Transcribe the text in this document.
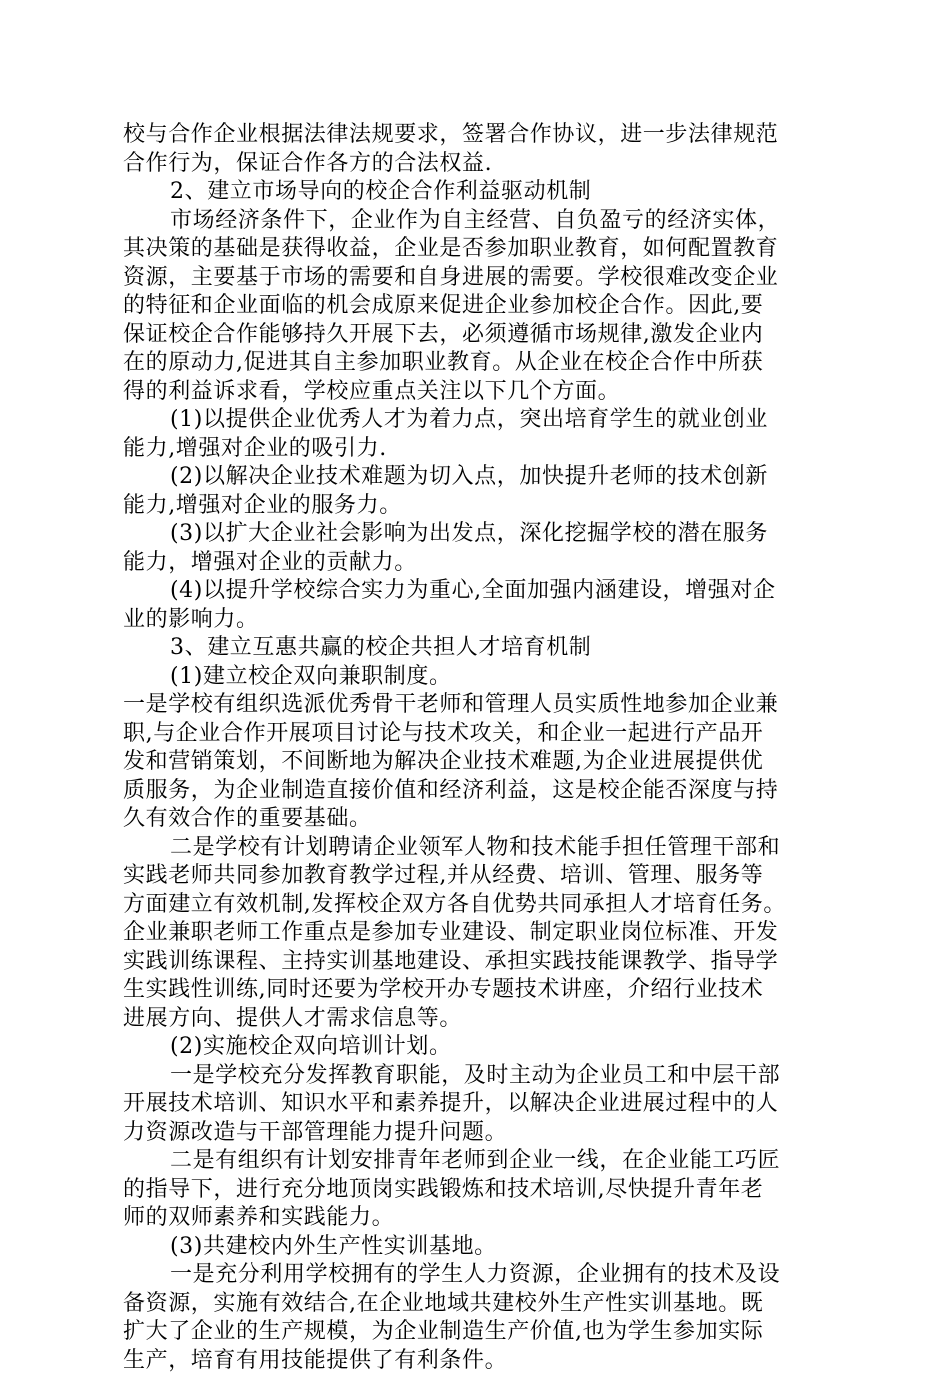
校与合作企业根据法律法规要求，签署合作协议，进一步法律规范
合作行为，保证合作各方的合法权益.
2、建立市场导向的校企合作利益驱动机制
市场经济条件下，企业作为自主经营、自负盈亏的经济实体，
其决策的基础是获得收益，企业是否参加职业教育，如何配置教育
资源，主要基于市场的需要和自身进展的需要。学校很难改变企业
的特征和企业面临的机会成原来促进企业参加校企合作。因此,要
保证校企合作能够持久开展下去，必须遵循市场规律,激发企业内
在的原动力,促进其自主参加职业教育。从企业在校企合作中所获
得的利益诉求看，学校应重点关注以下几个方面。
(1)以提供企业优秀人才为着力点，突出培育学生的就业创业
能力,增强对企业的吸引力.
(2)以解决企业技术难题为切入点，加快提升老师的技术创新
能力,增强对企业的服务力。
(3)以扩大企业社会影响为出发点，深化挖掘学校的潜在服务
能力，增强对企业的贡献力。
(4)以提升学校综合实力为重心,全面加强内涵建设，增强对企
业的影响力。
3、建立互惠共赢的校企共担人才培育机制
(1)建立校企双向兼职制度。
一是学校有组织选派优秀骨干老师和管理人员实质性地参加企业兼
职,与企业合作开展项目讨论与技术攻关，和企业一起进行产品开
发和营销策划，不间断地为解决企业技术难题,为企业进展提供优
质服务，为企业制造直接价值和经济利益，这是校企能否深度与持
久有效合作的重要基础。
二是学校有计划聘请企业领军人物和技术能手担任管理干部和
实践老师共同参加教育教学过程,并从经费、培训、管理、服务等
方面建立有效机制,发挥校企双方各自优势共同承担人才培育任务。
企业兼职老师工作重点是参加专业建设、制定职业岗位标准、开发
实践训练课程、主持实训基地建设、承担实践技能课教学、指导学
生实践性训练,同时还要为学校开办专题技术讲座，介绍行业技术
进展方向、提供人才需求信息等。
(2)实施校企双向培训计划。
一是学校充分发挥教育职能，及时主动为企业员工和中层干部
开展技术培训、知识水平和素养提升，以解决企业进展过程中的人
力资源改造与干部管理能力提升问题。
二是有组织有计划安排青年老师到企业一线，在企业能工巧匠
的指导下，进行充分地顶岗实践锻炼和技术培训,尽快提升青年老
师的双师素养和实践能力。
(3)共建校内外生产性实训基地。
一是充分利用学校拥有的学生人力资源，企业拥有的技术及设
备资源，实施有效结合,在企业地域共建校外生产性实训基地。既
扩大了企业的生产规模，为企业制造生产价值,也为学生参加实际
生产，培育有用技能提供了有利条件。
